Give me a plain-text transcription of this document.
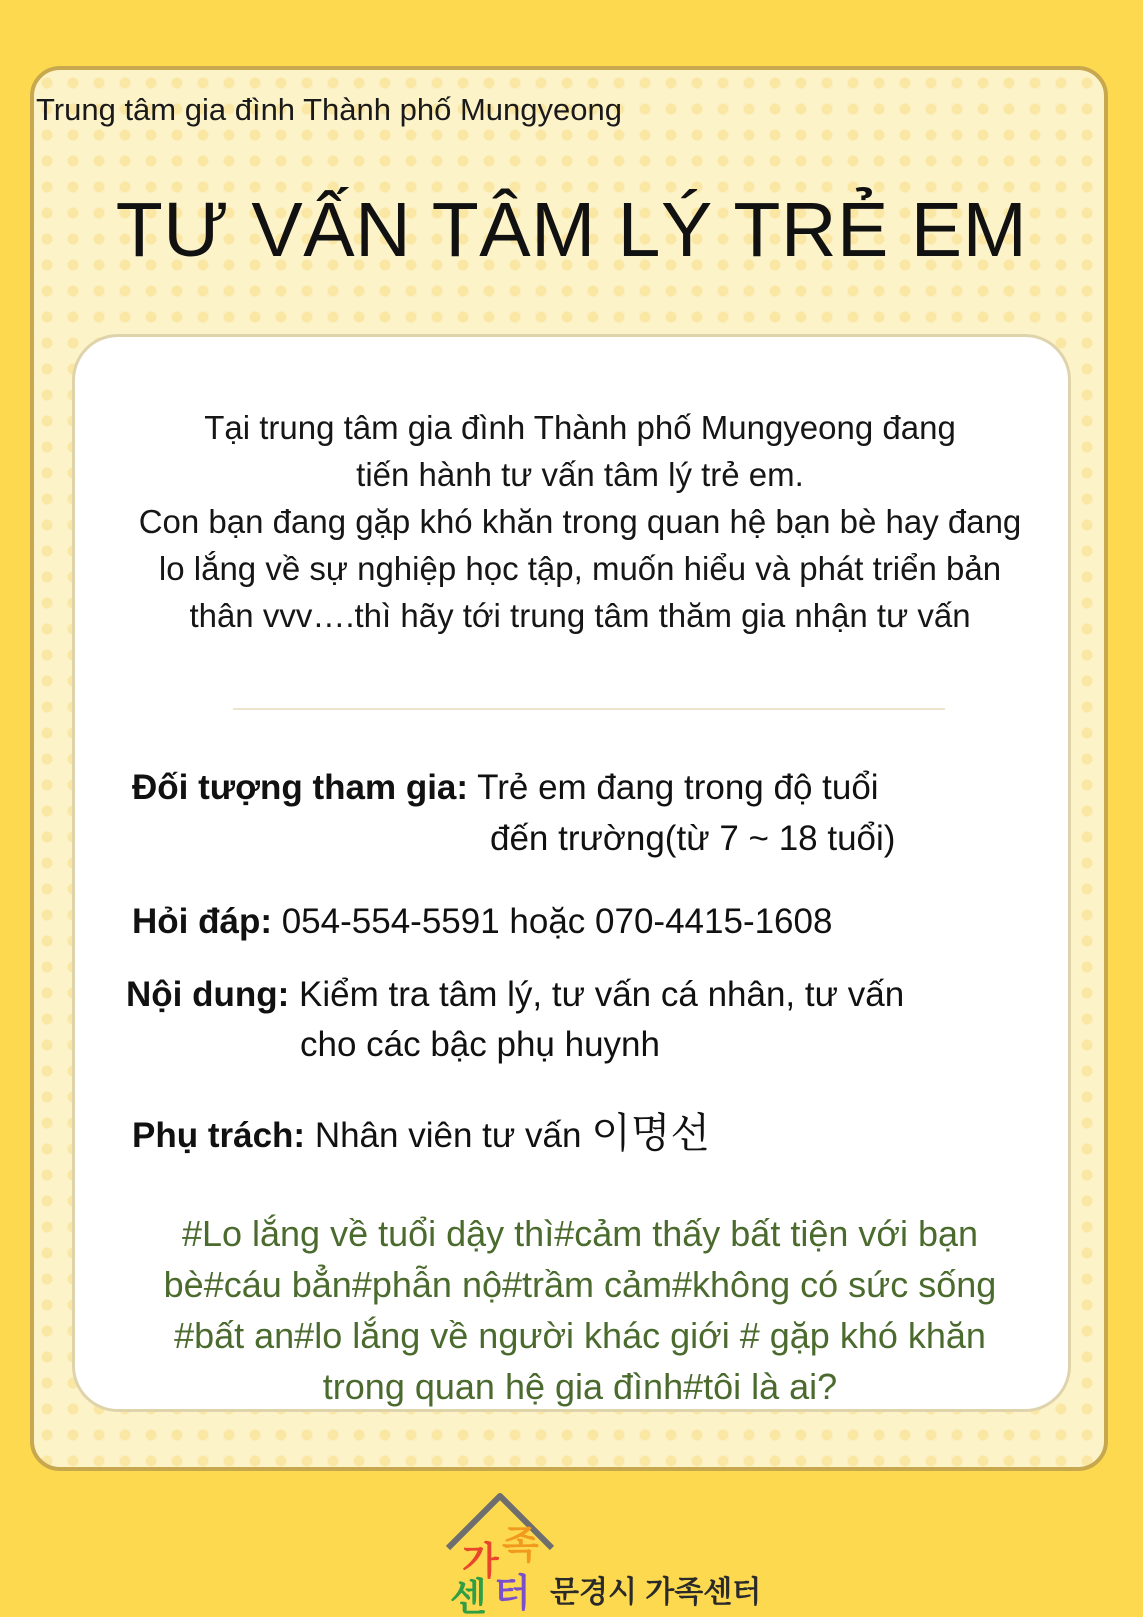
Trung tâm gia đình Thành phố Mungyeong
TƯ VẤN TÂM LÝ TRẺ EM

Tại trung tâm gia đình Thành phố Mungyeong đang

tiến hành tư vấn tâm lý trẻ em.

Con bạn đang gặp khó khăn trong quan hệ bạn bè hay đang

lo lắng về sự nghiệp học tập, muốn hiểu và phát triển bản

thân vvv….thì hãy tới trung tâm thăm gia nhận tư vấn

Đối tượng tham gia: Trẻ em đang trong độ tuổi
đến trường(từ 7 ~ 18 tuổi)
Hỏi đáp: 054-554-5591 hoặc 070-4415-1608
Nội dung: Kiểm tra tâm lý, tư vấn cá nhân, tư vấn
cho các bậc phụ huynh
Phụ trách: Nhân viên tư vấn 이명선

#Lo lắng về tuổi dậy thì#cảm thấy bất tiện với bạn

bè#cáu bẳn#phẫn nộ#trầm cảm#không có sức sống

#bất an#lo lắng về người khác giới # gặp khó khăn

trong quan hệ gia đình#tôi là ai?

가 족
센 터 문경시 가족센터
